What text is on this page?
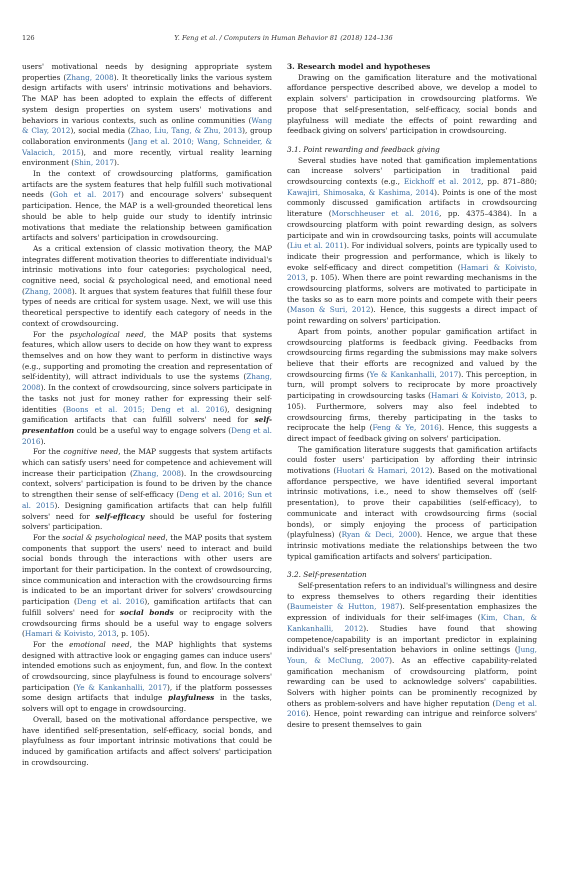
126	Y. Feng et al. / Computers in Human Behavior 81 (2018) 124–136

users' motivational needs by designing appropriate system properties (Zhang, 2008). It theoretically links the various system design artifacts with users' intrinsic motivations and behaviors. The MAP has been adopted to explain the effects of different system design properties on system users' motivations and behaviors in various contexts, such as online communities (Wang & Clay, 2012), social media (Zhao, Liu, Tang, & Zhu, 2013), group collaboration environments (Jang et al. 2010; Wang, Schneider, & Valacich, 2015), and more recently, virtual reality learning environment (Shin, 2017).

In the context of crowdsourcing platforms, gamification artifacts are the system features that help fulfill such motivational needs (Goh et al. 2017) and encourage solvers' subsequent participation. Hence, the MAP is a well-grounded theoretical lens should be able to help guide our study to identify intrinsic motivations that mediate the relationship between gamification artifacts and solvers' participation in crowdsourcing.

As a critical extension of classic motivation theory, the MAP integrates different motivation theories to differentiate individual's intrinsic motivations into four categories: psychological need, cognitive need, social & psychological need, and emotional need (Zhang, 2008). It argues that system features that fulfill these four types of needs are critical for system usage. Next, we will use this theoretical perspective to identify each category of needs in the context of crowdsourcing.

For the psychological need, the MAP posits that systems features, which allow users to decide on how they want to express themselves and on how they want to perform in distinctive ways (e.g., supporting and promoting the creation and representation of self-identity), will attract individuals to use the systems (Zhang, 2008). In the context of crowdsourcing, since solvers participate in the tasks not just for money rather for expressing their self-identities (Boons et al. 2015; Deng et al. 2016), designing gamification artifacts that can fulfill solvers' need for self-presentation could be a useful way to engage solvers (Deng et al. 2016).

For the cognitive need, the MAP suggests that system artifacts which can satisfy users' need for competence and achievement will increase their participation (Zhang, 2008). In the crowdsourcing context, solvers' participation is found to be driven by the chance to strengthen their sense of self-efficacy (Deng et al. 2016; Sun et al. 2015). Designing gamification artifacts that can help fulfill solvers' need for self-efficacy should be useful for fostering solvers' participation.

For the social & psychological need, the MAP posits that system components that support the users' need to interact and build social bonds through the interactions with other users are important for their participation. In the context of crowdsourcing, since communication and interaction with the crowdsourcing firms is indicated to be an important driver for solvers' crowdsourcing participation (Deng et al. 2016), gamification artifacts that can fulfill solvers' need for social bonds or reciprocity with the crowdsourcing firms should be a useful way to engage solvers (Hamari & Koivisto, 2013, p. 105).

For the emotional need, the MAP highlights that systems designed with attractive look or engaging games can induce users' intended emotions such as enjoyment, fun, and flow. In the context of crowdsourcing, since playfulness is found to encourage solvers' participation (Ye & Kankanhalli, 2017), if the platform possesses some design artifacts that indulge playfulness in the tasks, solvers will opt to engage in crowdsourcing.

Overall, based on the motivational affordance perspective, we have identified self-presentation, self-efficacy, social bonds, and playfulness as four important intrinsic motivations that could be induced by gamification artifacts and affect solvers' participation in crowdsourcing.

3. Research model and hypotheses

Drawing on the gamification literature and the motivational affordance perspective described above, we develop a model to explain solvers' participation in crowdsourcing platforms. We propose that self-presentation, self-efficacy, social bonds and playfulness will mediate the effects of point rewarding and feedback giving on solvers' participation in crowdsourcing.

3.1. Point rewarding and feedback giving

Several studies have noted that gamification implementations can increase solvers' participation in traditional paid crowdsourcing contexts (e.g., Eickhoff et al. 2012, pp. 871–880; Kawajiri, Shimosaka, & Kashima, 2014). Points is one of the most commonly discussed gamification artifacts in crowdsourcing literature (Morschheuser et al. 2016, pp. 4375–4384). In a crowdsourcing platform with point rewarding design, as solvers participate and win in crowdsourcing tasks, points will accumulate (Liu et al. 2011). For individual solvers, points are typically used to indicate their progression and performance, which is likely to evoke self-efficacy and direct competition (Hamari & Koivisto, 2013, p. 105). When there are point rewarding mechanisms in the crowdsourcing platforms, solvers are motivated to participate in the tasks so as to earn more points and compete with their peers (Mason & Suri, 2012). Hence, this suggests a direct impact of point rewarding on solvers' participation.

Apart from points, another popular gamification artifact in crowdsourcing platforms is feedback giving. Feedbacks from crowdsourcing firms regarding the submissions may make solvers believe that their efforts are recognized and valued by the crowdsourcing firms (Ye & Kankanhalli, 2017). This perception, in turn, will prompt solvers to reciprocate by more proactively participating in crowdsourcing tasks (Hamari & Koivisto, 2013, p. 105). Furthermore, solvers may also feel indebted to crowdsourcing firms, thereby participating in the tasks to reciprocate the help (Feng & Ye, 2016). Hence, this suggests a direct impact of feedback giving on solvers' participation.

The gamification literature suggests that gamification artifacts could foster users' participation by affording their intrinsic motivations (Huotari & Hamari, 2012). Based on the motivational affordance perspective, we have identified several important intrinsic motivations, i.e., need to show themselves off (self-presentation), to prove their capabilities (self-efficacy), to communicate and interact with crowdsourcing firms (social bonds), or simply enjoying the process of participation (playfulness) (Ryan & Deci, 2000). Hence, we argue that these intrinsic motivations mediate the relationships between the two typical gamification artifacts and solvers' participation.

3.2. Self-presentation

Self-presentation refers to an individual's willingness and desire to express themselves to others regarding their identities (Baumeister & Hutton, 1987). Self-presentation emphasizes the expression of individuals for their self-images (Kim, Chan, & Kankanhalli, 2012). Studies have found that showing competence/capability is an important predictor in explaining individual's self-presentation behaviors in online settings (Jung, Youn, & McClung, 2007). As an effective capability-related gamification mechanism of crowdsourcing platform, point rewarding can be used to acknowledge solvers' capabilities. Solvers with higher points can be prominently recognized by others as problem-solvers and have higher reputation (Deng et al. 2016). Hence, point rewarding can intrigue and reinforce solvers' desire to present themselves to gain
